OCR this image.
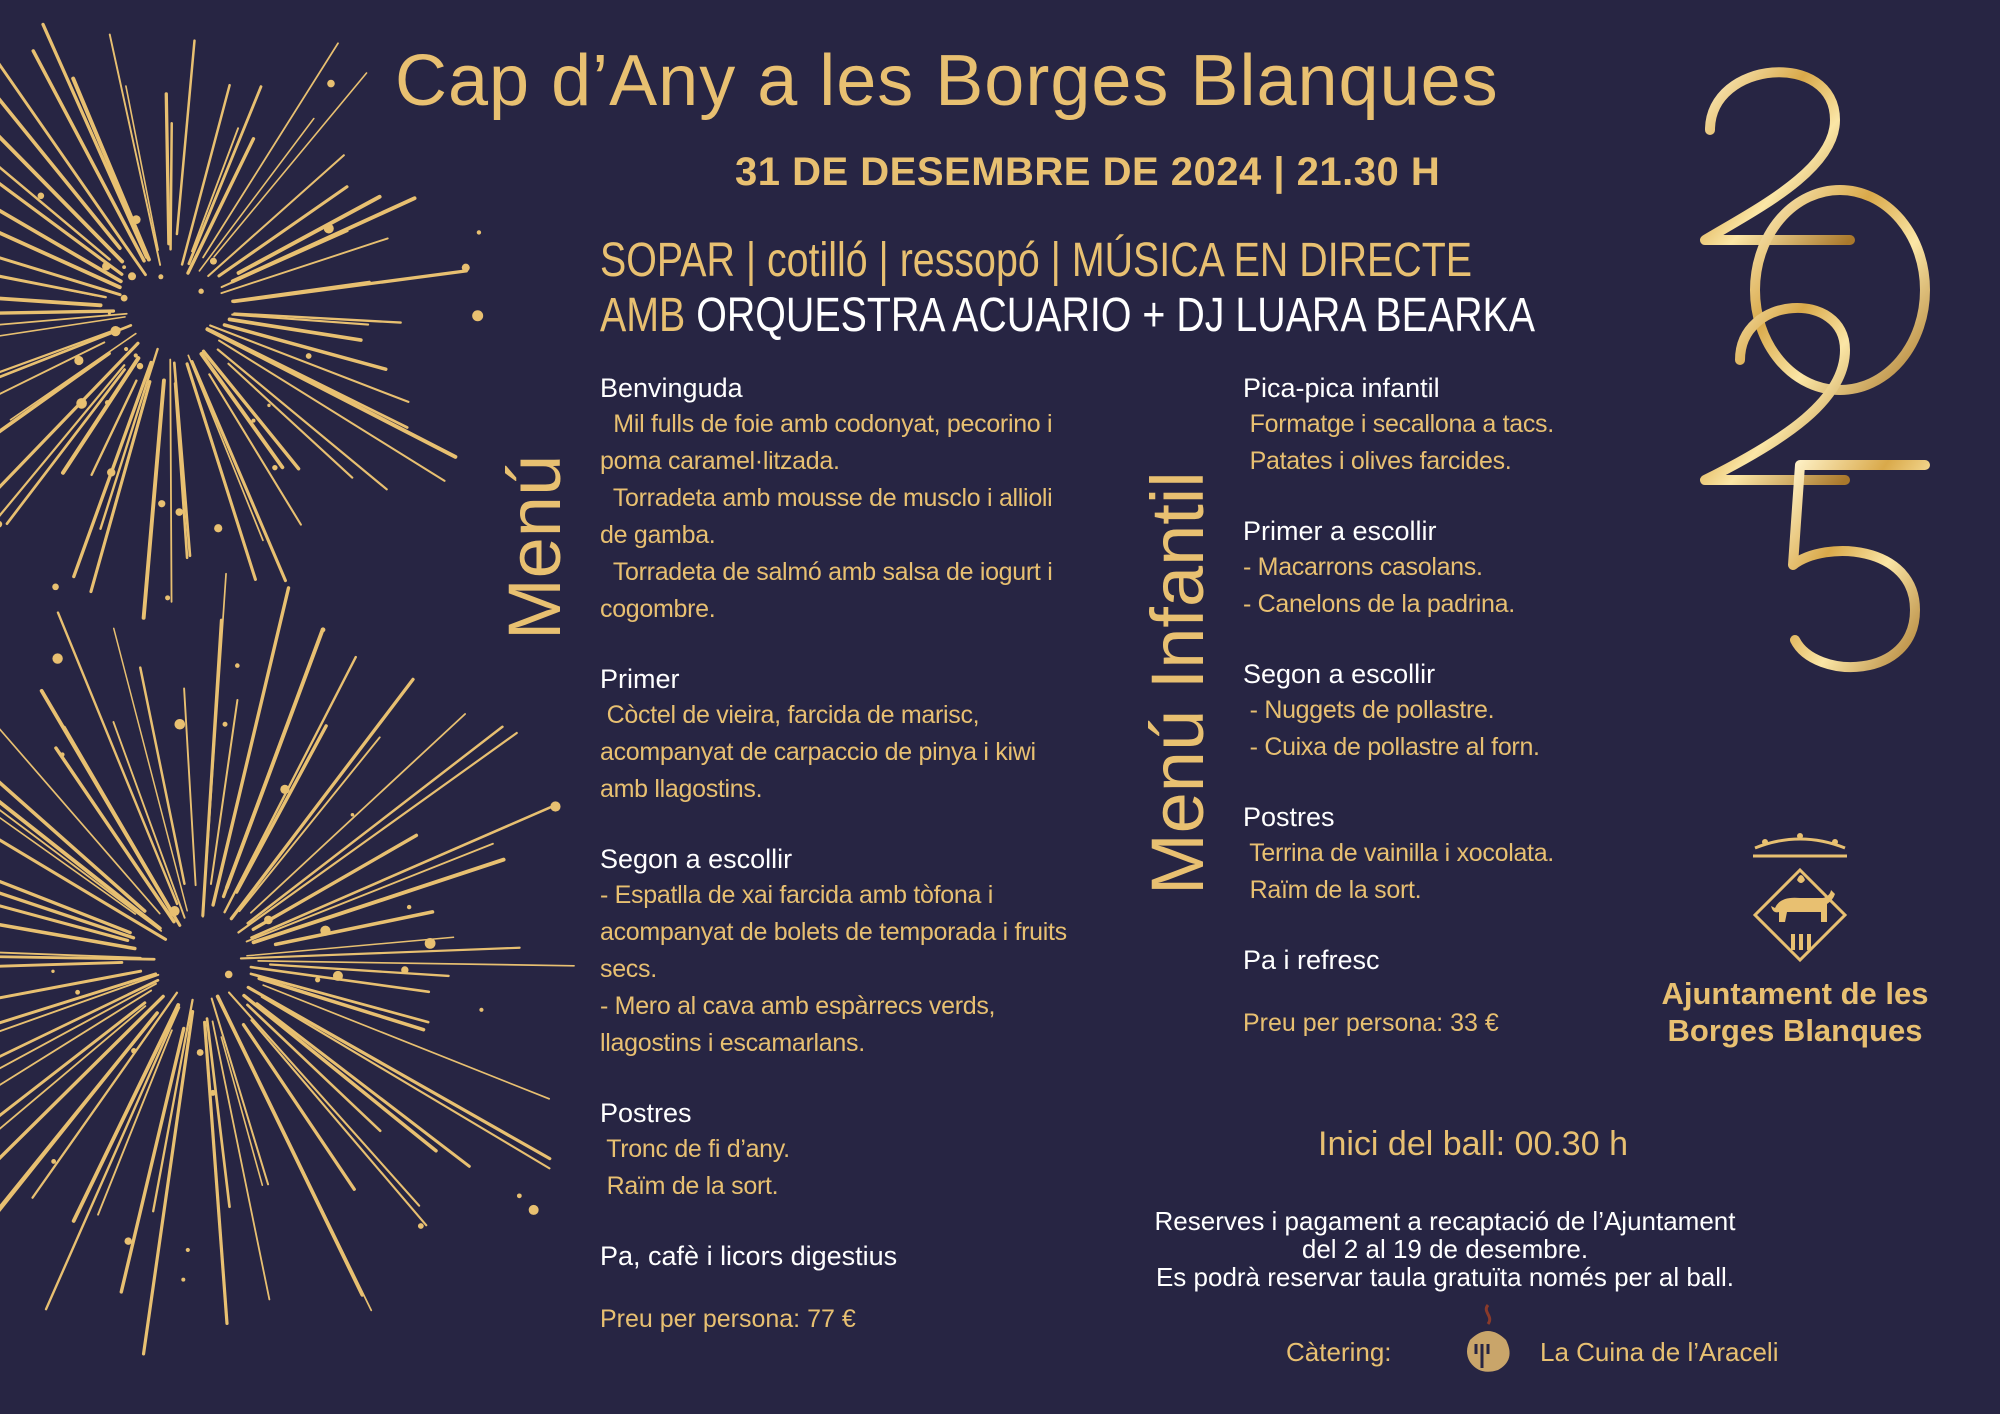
Cap d’Any a les Borges Blanques
31 DE DESEMBRE DE 2024 | 21.30 H
SOPAR | cotilló | ressopó | MÚSICA EN DIRECTE
AMB ORQUESTRA ACUARIO + DJ LUARA BEARKA
Menú	Menú Infantil
Benvinguda
Mil fulls de foie amb codonyat, pecorino i
poma caramel·litzada.
Torradeta amb mousse de musclo i allioli
de gamba.
Torradeta de salmó amb salsa de iogurt i
cogombre.
Primer
Còctel de vieira, farcida de marisc,
acompanyat de carpaccio de pinya i kiwi
amb llagostins.
Segon a escollir
- Espatlla de xai farcida amb tòfona i
acompanyat de bolets de temporada i fruits
secs.
- Mero al cava amb espàrrecs verds,
llagostins i escamarlans.
Postres
Tronc de fi d’any.
Raïm de la sort.
Pa, cafè i licors digestius
Preu per persona: 77 €
Pica-pica infantil
Formatge i secallona a tacs.
Patates i olives farcides.
Primer a escollir
- Macarrons casolans.
- Canelons de la padrina.
Segon a escollir
- Nuggets de pollastre.
- Cuixa de pollastre al forn.
Postres
Terrina de vainilla i xocolata.
Raïm de la sort.
Pa i refresc
Preu per persona: 33 €
2025
Ajuntament de les Borges Blanques
Inici del ball: 00.30 h
Reserves i pagament a recaptació de l’Ajuntament
del 2 al 19 de desembre.
Es podrà reservar taula gratuïta només per al ball.
Càtering:	La Cuina de l’Araceli
